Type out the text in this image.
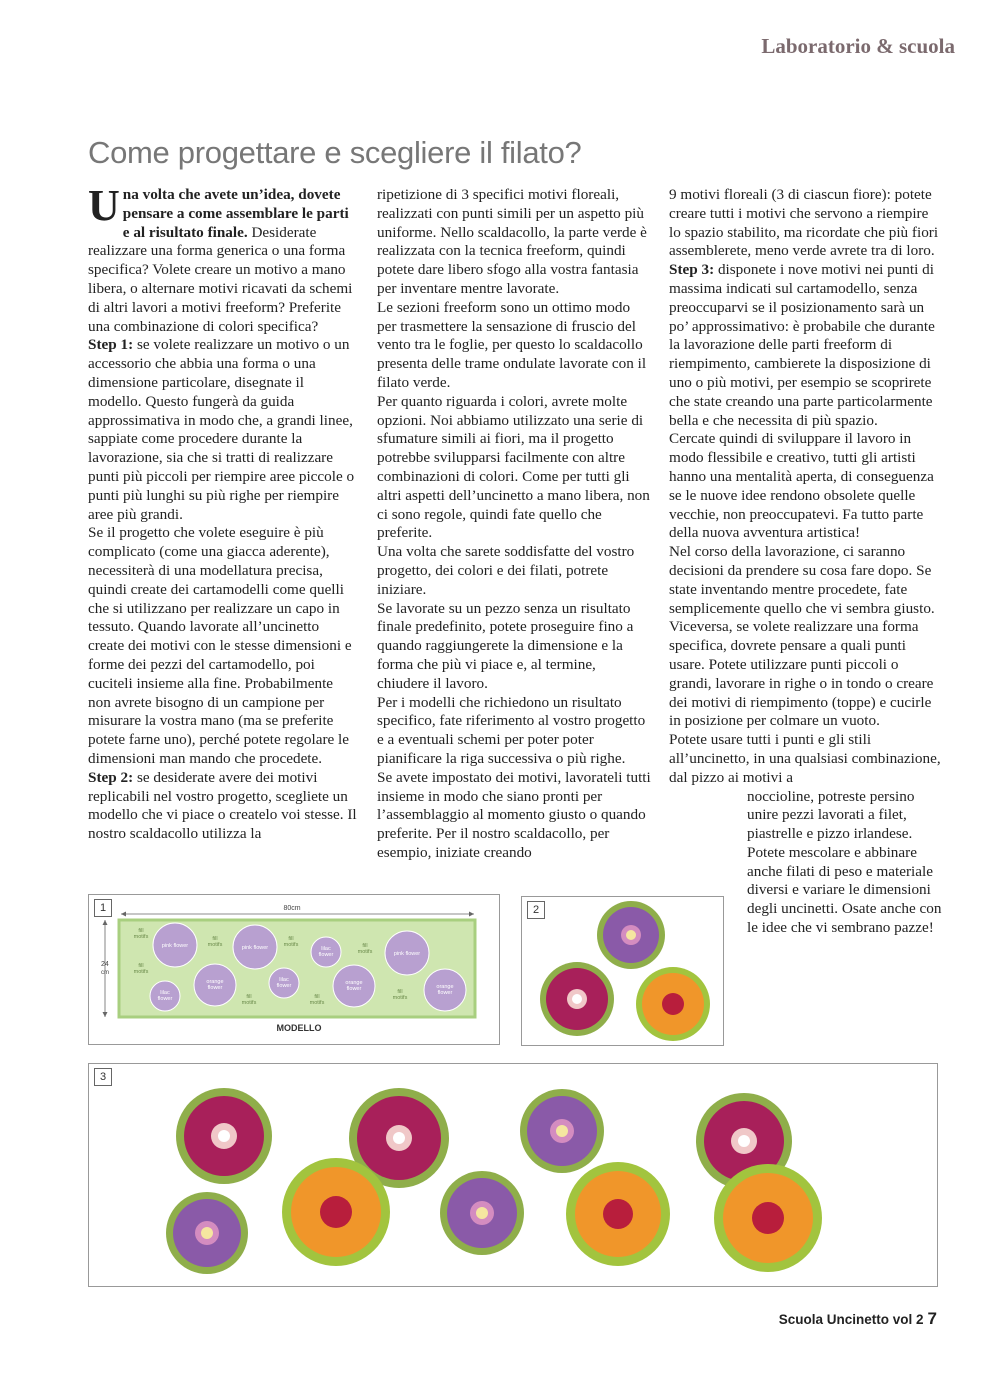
Laboratorio & scuola
Come progettare e scegliere il filato?

Una volta che avete un’idea, dovete pensare a come assemblare le parti e al risultato finale. Desiderate realizzare una forma generica o una forma specifica? Volete creare un motivo a mano libera, o alternare motivi ricavati da schemi di altri lavori a motivi freeform? Preferite una combinazione di colori specifica?

Step 1: se volete realizzare un motivo o un accessorio che abbia una forma o una dimensione particolare, disegnate il modello. Questo fungerà da guida approssimativa in modo che, a grandi linee, sappiate come procedere durante la lavorazione, sia che si tratti di realizzare punti più piccoli per riempire aree piccole o punti più lunghi su più righe per riempire aree più grandi.

Se il progetto che volete eseguire è più complicato (come una giacca aderente), necessiterà di una modellatura precisa, quindi create dei cartamodelli come quelli che si utilizzano per realizzare un capo in tessuto. Quando lavorate all’uncinetto create dei motivi con le stesse dimensioni e forme dei pezzi del cartamodello, poi cuciteli insieme alla fine. Probabilmente non avrete bisogno di un campione per misurare la vostra mano (ma se preferite potete farne uno), perché potete regolare le dimensioni man mando che procedete.

Step 2: se desiderate avere dei motivi replicabili nel vostro progetto, scegliete un modello che vi piace o createlo voi stesse. Il nostro scaldacollo utilizza la

ripetizione di 3 specifici motivi floreali, realizzati con punti simili per un aspetto più uniforme. Nello scaldacollo, la parte verde è realizzata con la tecnica freeform, quindi potete dare libero sfogo alla vostra fantasia per inventare mentre lavorate.

Le sezioni freeform sono un ottimo modo per trasmettere la sensazione di fruscio del vento tra le foglie, per questo lo scaldacollo presenta delle trame ondulate lavorate con il filato verde.

Per quanto riguarda i colori, avrete molte opzioni. Noi abbiamo utilizzato una serie di sfumature simili ai fiori, ma il progetto potrebbe svilupparsi facilmente con altre combinazioni di colori. Come per tutti gli altri aspetti dell’uncinetto a mano libera, non ci sono regole, quindi fate quello che preferite.

Una volta che sarete soddisfatte del vostro progetto, dei colori e dei filati, potrete iniziare.

Se lavorate su un pezzo senza un risultato finale predefinito, potete proseguire fino a quando raggiungerete la dimensione e la forma che più vi piace e, al termine, chiudere il lavoro.

Per i modelli che richiedono un risultato specifico, fate riferimento al vostro progetto e a eventuali schemi per poter poter pianificare la riga successiva o più righe.

Se avete impostato dei motivi, lavorateli tutti insieme in modo che siano pronti per l’assemblaggio al momento giusto o quando preferite. Per il nostro scaldacollo, per esempio, iniziate creando

9 motivi floreali (3 di ciascun fiore): potete creare tutti i motivi che servono a riempire lo spazio stabilito, ma ricordate che più fiori assemblerete, meno verde avrete tra di loro.

Step 3: disponete i nove motivi nei punti di massima indicati sul cartamodello, senza preoccuparvi se il posizionamento sarà un po’ approssimativo: è probabile che durante la lavorazione delle parti freeform di riempimento, cambierete la disposizione di uno o più motivi, per esempio se scoprirete che state creando una parte particolarmente bella e che necessita di più spazio.

Cercate quindi di sviluppare il lavoro in modo flessibile e creativo, tutti gli artisti hanno una mentalità aperta, di conseguenza se le nuove idee rendono obsolete quelle vecchie, non preoccupatevi. Fa tutto parte della nuova avventura artistica!

Nel corso della lavorazione, ci saranno decisioni da prendere su cosa fare dopo. Se state inventando mentre procedete, fate semplicemente quello che vi sembra giusto.

Viceversa, se volete realizzare una forma specifica, dovrete pensare a quali punti usare. Potete utilizzare punti piccoli o grandi, lavorare in righe o in tondo o creare dei motivi di riempimento (toppe) e cucirle in posizione per colmare un vuoto.

Potete usare tutti i punti e gli stili all’uncinetto, in una qualsiasi combinazione, dal pizzo ai motivi a

noccioline, potreste persino unire pezzi lavorati a filet, piastrelle e pizzo irlandese. Potete mescolare e abbinare anche filati di peso e materiale diversi e variare le dimensioni degli uncinetti. Osate anche con le idee che vi sembrano pazze!

1	80cm
24
cm
pink flower	pink flower
pink flower
lilac
flower
lilac
flower
lilac
flower
orange
flower
orange
flower	orange
flower
fill
motifs	fill
motifs
fill
motifs	fill
motifs
fill
motifs
fill
motifs
fill
motifs
fill
motifs
MODELLO
2
3
Scuola Uncinetto vol 2 7
